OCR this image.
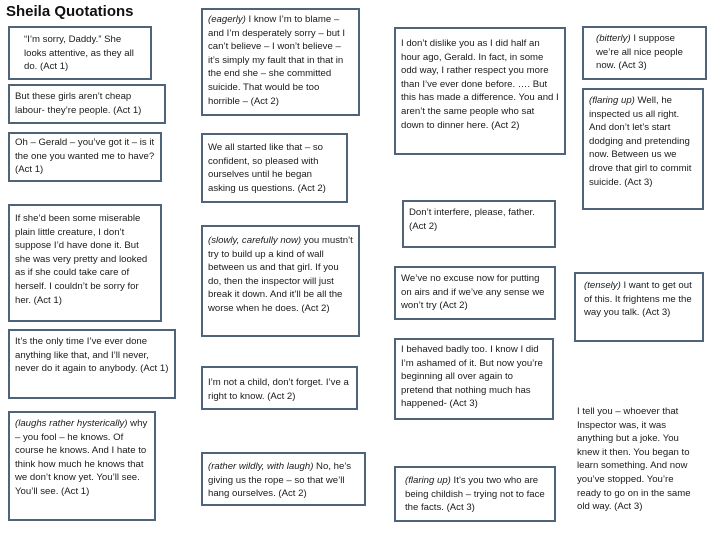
Sheila Quotations
“I’m sorry, Daddy.” She looks attentive, as they all do. (Act 1)
But these girls aren’t cheap labour- they’re people. (Act 1)
Oh – Gerald – you’ve got it – is it the one you wanted me to have? (Act 1)
If she’d been some miserable plain little creature, I don’t suppose I’d have done it. But she was very pretty and looked as if she could take care of herself. I couldn’t be sorry for her. (Act 1)
It’s the only time I’ve ever done anything like that, and I’ll never, never do it again to anybody. (Act 1)
(laughs rather hysterically) why – you fool – he knows. Of course he knows. And I hate to think how much he knows that we don’t know yet. You’ll see. You’ll see. (Act 1)
(eagerly) I know I’m to blame – and I’m desperately sorry – but I can’t believe – I won’t believe – it’s simply my fault that in that in the end she – she committed suicide. That would be too horrible – (Act 2)
We all started like that – so confident, so pleased with ourselves until he began asking us questions. (Act 2)
(slowly, carefully now) you mustn’t try to build up a kind of wall between us and that girl. If you do, then the inspector will just break it down. And it’ll be all the worse when he does. (Act 2)
I’m not a child, don’t forget. I’ve a right to know. (Act 2)
(rather wildly, with laugh) No, he’s giving us the rope – so that we’ll hang ourselves. (Act 2)
I don’t dislike you as I did half an hour ago, Gerald. In fact, in some odd way, I rather respect you more than I’ve ever done before. …. But this has made a difference. You and I aren’t the same people who sat down to dinner here. (Act 2)
Don’t interfere, please, father. (Act 2)
We’ve no excuse now for putting on airs and if we’ve any sense we won’t try (Act 2)
I behaved badly too. I know I did I’m ashamed of it. But now you’re beginning all over again to pretend that nothing much has happened- (Act 3)
(flaring up) It’s you two who are being childish – trying not to face the facts. (Act 3)
(bitterly) I suppose we’re all nice people now. (Act 3)
(flaring up) Well, he inspected us all right. And don’t let’s start dodging and pretending now. Between us we drove that girl to commit suicide. (Act 3)
(tensely) I want to get out of this. It frightens me the way you talk. (Act 3)
I tell you – whoever that Inspector was, it was anything but a joke. You knew it then. You began to learn something. And now you’ve stopped. You’re ready to go on in the same old way. (Act 3)
